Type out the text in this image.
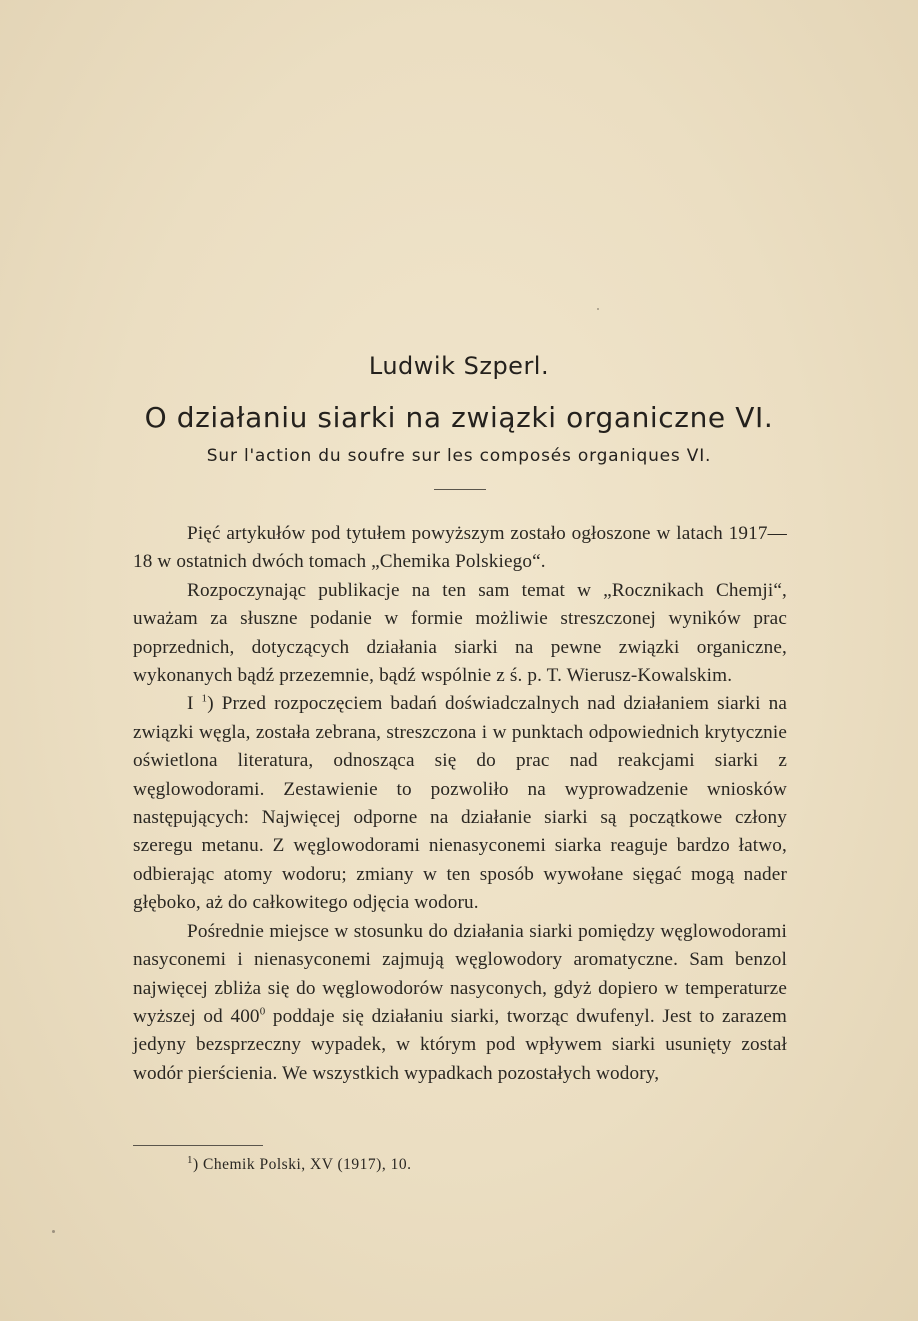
Ludwik Szperl.
O działaniu siarki na związki organiczne VI.
Sur l'action du soufre sur les composés organiques VI.

Pięć artykułów pod tytułem powyższym zostało ogłoszone w latach 1917—18 w ostatnich dwóch tomach „Chemika Polskiego“.

Rozpoczynając publikacje na ten sam temat w „Rocznikach Chemji“, uważam za słuszne podanie w formie możliwie streszczonej wyników prac poprzednich, dotyczących działania siarki na pewne związki organiczne, wykonanych bądź przezemnie, bądź wspólnie z ś. p. T. Wierusz-Kowalskim.

I $^1$) Przed rozpoczęciem badań doświadczalnych nad działaniem siarki na związki węgla, została zebrana, streszczona i w punktach odpowiednich krytycznie oświetlona literatura, odnosząca się do prac nad reakcjami siarki z węglowodorami. Zestawienie to pozwoliło na wyprowadzenie wniosków następujących: Najwięcej odporne na działanie siarki są początkowe człony szeregu metanu. Z węglowodorami nienasyconemi siarka reaguje bardzo łatwo, odbierając atomy wodoru; zmiany w ten sposób wywołane sięgać mogą nader głęboko, aż do całkowitego odjęcia wodoru.

Pośrednie miejsce w stosunku do działania siarki pomiędzy węglowodorami nasyconemi i nienasyconemi zajmują węglowodory aromatyczne. Sam benzol najwięcej zbliża się do węglowodorów nasyconych, gdyż dopiero w temperaturze wyższej od $400^0$ poddaje się działaniu siarki, tworząc dwufenyl. Jest to zarazem jedyny bezsprzeczny wypadek, w którym pod wpływem siarki usunięty został wodór pierścienia. We wszystkich wypadkach pozostałych wodory,

$^1$) Chemik Polski, XV (1917), 10.
